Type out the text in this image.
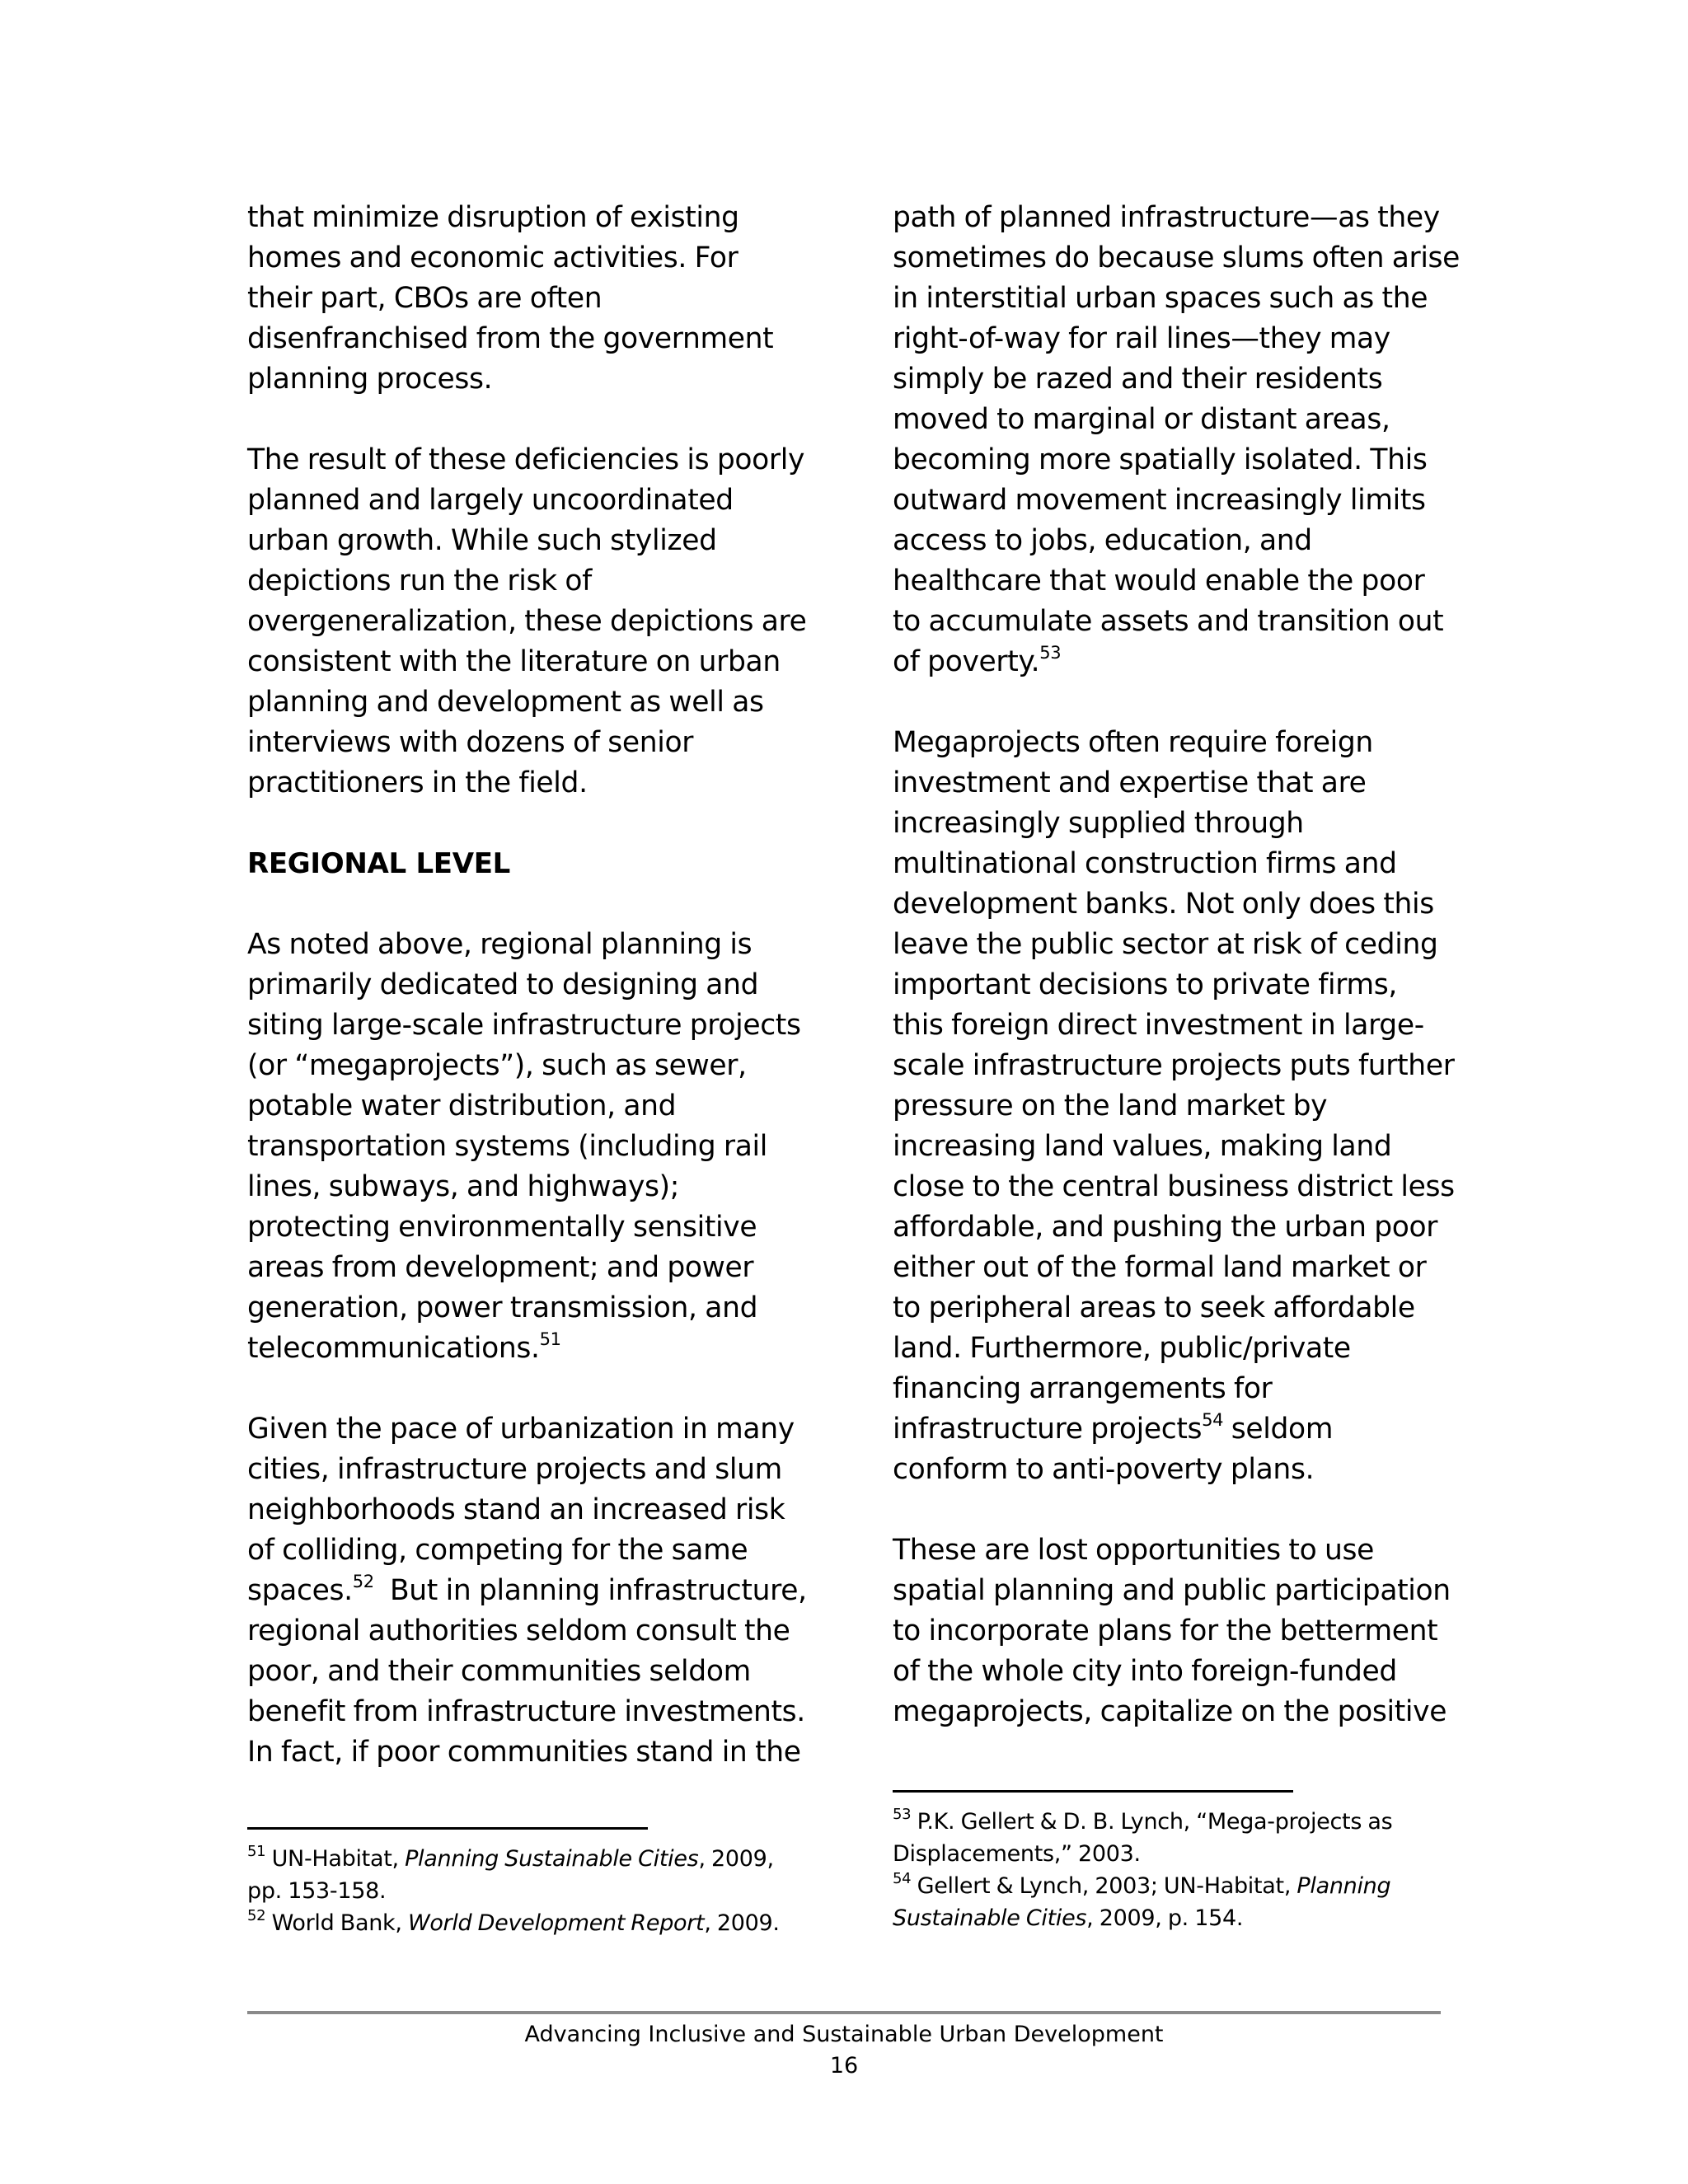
that minimize disruption of existing
homes and economic activities. For
their part, CBOs are often
disenfranchised from the government
planning process.

The result of these deficiencies is poorly
planned and largely uncoordinated
urban growth. While such stylized
depictions run the risk of
overgeneralization, these depictions are
consistent with the literature on urban
planning and development as well as
interviews with dozens of senior
practitioners in the field.

REGIONAL LEVEL

As noted above, regional planning is
primarily dedicated to designing and
siting large-scale infrastructure projects
(or “megaprojects”), such as sewer,
potable water distribution, and
transportation systems (including rail
lines, subways, and highways);
protecting environmentally sensitive
areas from development; and power
generation, power transmission, and
telecommunications.$^{51}$

Given the pace of urbanization in many
cities, infrastructure projects and slum
neighborhoods stand an increased risk
of colliding, competing for the same
spaces.$^{52}$  But in planning infrastructure,
regional authorities seldom consult the
poor, and their communities seldom
benefit from infrastructure investments.
In fact, if poor communities stand in the

path of planned infrastructure—as they
sometimes do because slums often arise
in interstitial urban spaces such as the
right-of-way for rail lines—they may
simply be razed and their residents
moved to marginal or distant areas,
becoming more spatially isolated. This
outward movement increasingly limits
access to jobs, education, and
healthcare that would enable the poor
to accumulate assets and transition out
of poverty.$^{53}$

Megaprojects often require foreign
investment and expertise that are
increasingly supplied through
multinational construction firms and
development banks. Not only does this
leave the public sector at risk of ceding
important decisions to private firms,
this foreign direct investment in large-
scale infrastructure projects puts further
pressure on the land market by
increasing land values, making land
close to the central business district less
affordable, and pushing the urban poor
either out of the formal land market or
to peripheral areas to seek affordable
land. Furthermore, public/private
financing arrangements for
infrastructure projects$^{54}$ seldom
conform to anti-poverty plans.

These are lost opportunities to use
spatial planning and public participation
to incorporate plans for the betterment
of the whole city into foreign-funded
megaprojects, capitalize on the positive

$^{51}$ UN-Habitat, Planning Sustainable Cities, 2009,
pp. 153-158.
$^{52}$ World Bank, World Development Report, 2009.
$^{53}$ P.K. Gellert & D. B. Lynch, “Mega-projects as
Displacements,” 2003.
$^{54}$ Gellert & Lynch, 2003; UN-Habitat, Planning
Sustainable Cities, 2009, p. 154.
Advancing Inclusive and Sustainable Urban Development
16
